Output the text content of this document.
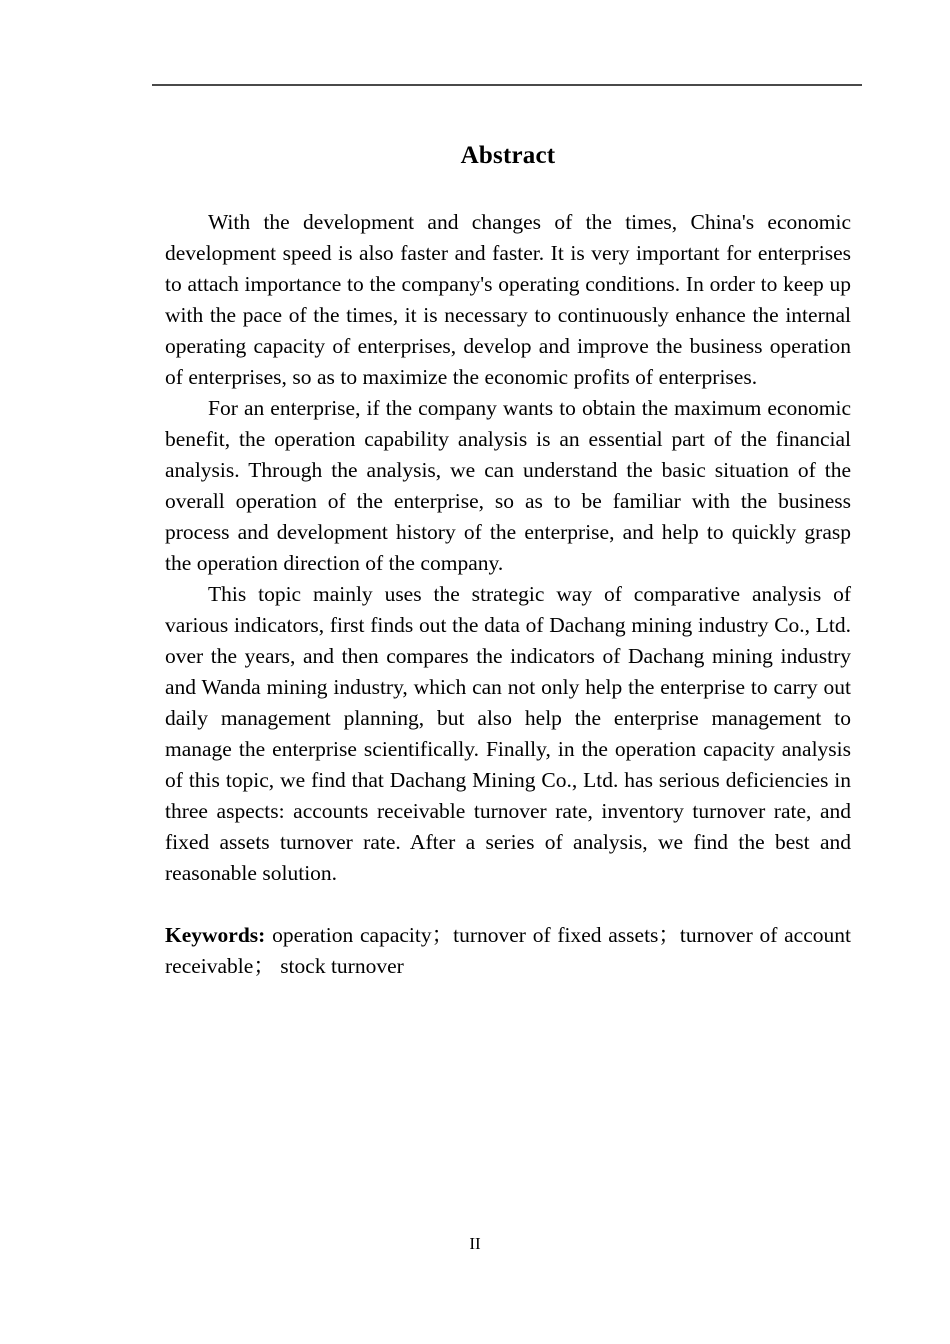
Abstract

With the development and changes of the times, China's economic development speed is also faster and faster. It is very important for enterprises to attach importance to the company's operating conditions. In order to keep up with the pace of the times, it is necessary to continuously enhance the internal operating capacity of enterprises, develop and improve the business operation of enterprises, so as to maximize the economic profits of enterprises.

For an enterprise, if the company wants to obtain the maximum economic benefit, the operation capability analysis is an essential part of the financial analysis. Through the analysis, we can understand the basic situation of the overall operation of the enterprise, so as to be familiar with the business process and development history of the enterprise, and help to quickly grasp the operation direction of the company.

This topic mainly uses the strategic way of comparative analysis of various indicators, first finds out the data of Dachang mining industry Co., Ltd. over the years, and then compares the indicators of Dachang mining industry and Wanda mining industry, which can not only help the enterprise to carry out daily management planning, but also help the enterprise management to manage the enterprise scientifically. Finally, in the operation capacity analysis of this topic, we find that Dachang Mining Co., Ltd. has serious deficiencies in three aspects: accounts receivable turnover rate, inventory turnover rate, and fixed assets turnover rate. After a series of analysis, we find the best and reasonable solution.

Keywords: operation capacity；turnover of fixed assets；turnover of account receivable； stock turnover

II
